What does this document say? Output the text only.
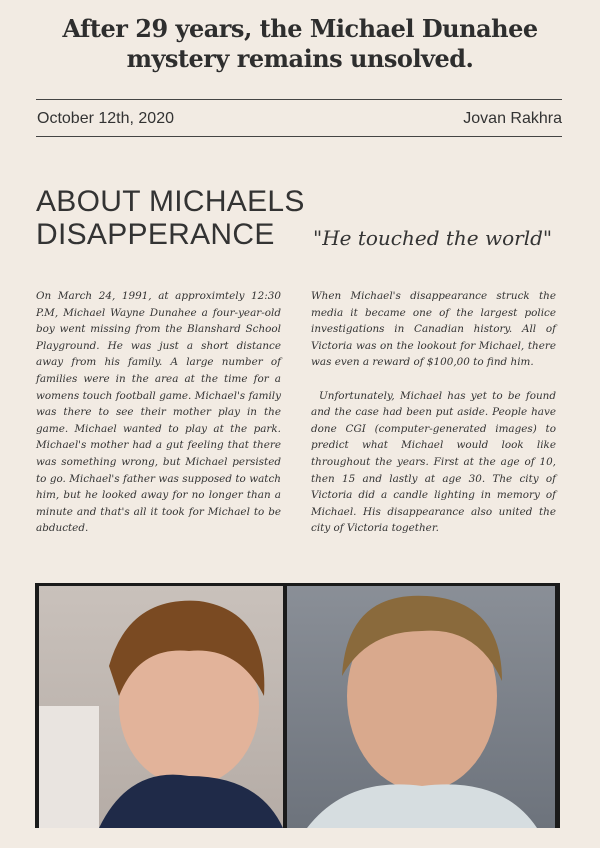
After 29 years, the Michael Dunahee mystery remains unsolved.
October 12th, 2020	Jovan Rakhra
ABOUT MICHAELS
DISAPPERANCE	"He touched the world"

On March 24, 1991, at approximtely 12:30 P.M, Michael Wayne Dunahee a four-year-old boy went missing from the Blanshard School Playground. He was just a short distance away from his family. A large number of families were in the area at the time for a womens touch football game. Michael's family was there to see their mother play in the game. Michael wanted to play at the park. Michael's mother had a gut feeling that there was something wrong, but Michael persisted to go. Michael's father was supposed to watch him, but he looked away for no longer than a minute and that's all it took for Michael to be abducted.

When Michael's disappearance struck the media it became one of the largest police investigations in Canadian history. All of Victoria was on the lookout for Michael, there was even a reward of $100,00 to find him.

Unfortunately, Michael has yet to be found and the case had been put aside. People have done CGI (computer-generated images) to predict what Michael would look like throughout the years. First at the age of 10, then 15 and lastly at age 30. The city of Victoria did a candle lighting in memory of Michael. His disappearance also united the city of Victoria together.
